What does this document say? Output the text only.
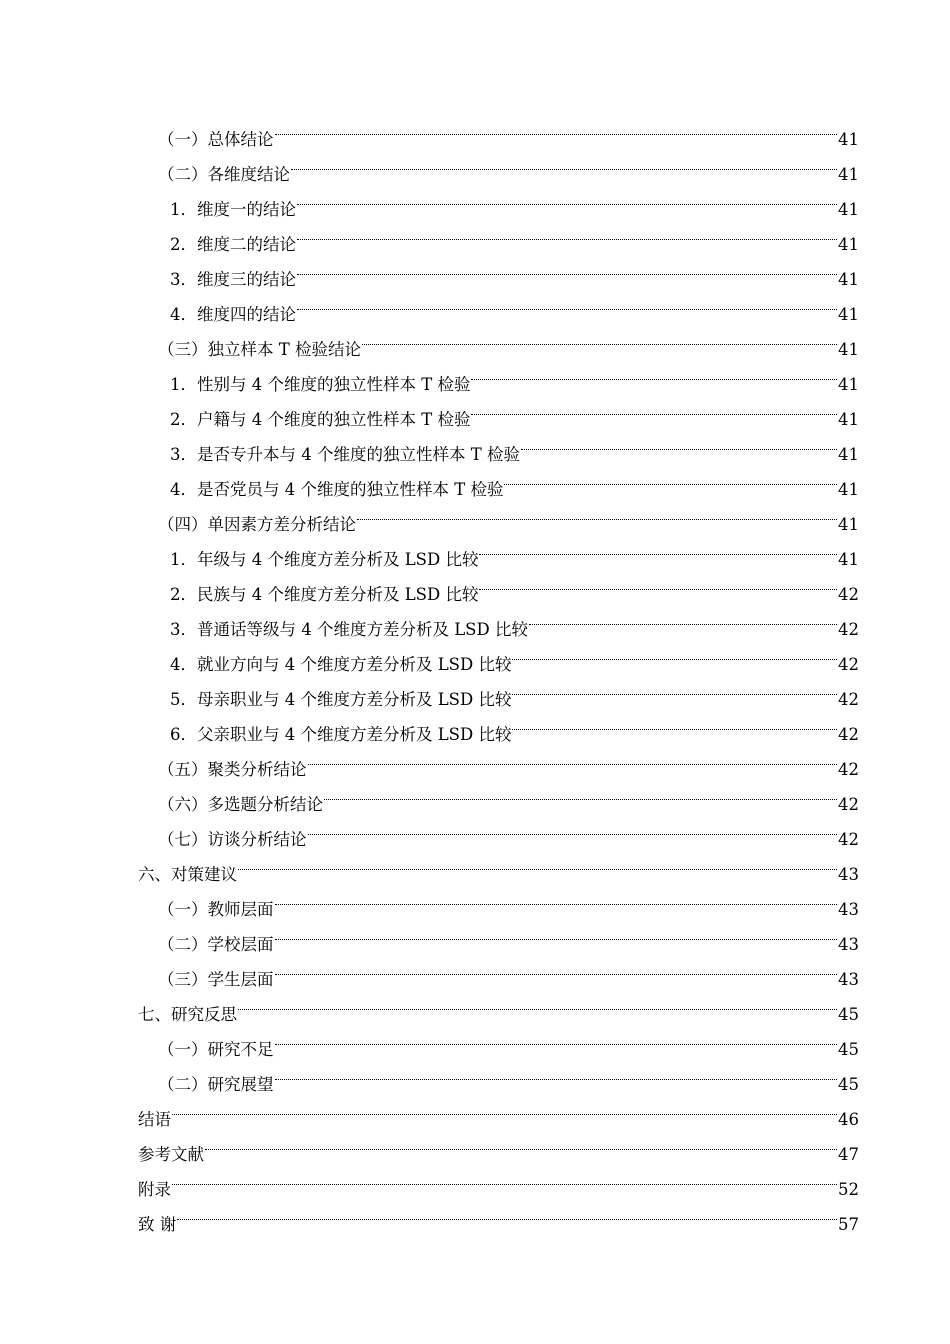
（一）总体结论	41
（二）各维度结论	41
1．维度一的结论	41
2．维度二的结论	41
3．维度三的结论	41
4．维度四的结论	41
（三）独立样本 T 检验结论	41
1．性别与 4 个维度的独立性样本 T 检验	41
2．户籍与 4 个维度的独立性样本 T 检验	41
3．是否专升本与 4 个维度的独立性样本 T 检验	41
4．是否党员与 4 个维度的独立性样本 T 检验	41
（四）单因素方差分析结论	41
1．年级与 4 个维度方差分析及 LSD 比较	41
2．民族与 4 个维度方差分析及 LSD 比较	42
3．普通话等级与 4 个维度方差分析及 LSD 比较	42
4．就业方向与 4 个维度方差分析及 LSD 比较	42
5．母亲职业与 4 个维度方差分析及 LSD 比较	42
6．父亲职业与 4 个维度方差分析及 LSD 比较	42
（五）聚类分析结论	42
（六）多选题分析结论	42
（七）访谈分析结论	42
六、对策建议	43
（一）教师层面	43
（二）学校层面	43
（三）学生层面	43
七、研究反思	45
（一）研究不足	45
（二）研究展望	45
结语	46
参考文献	47
附录	52
致 谢	57
